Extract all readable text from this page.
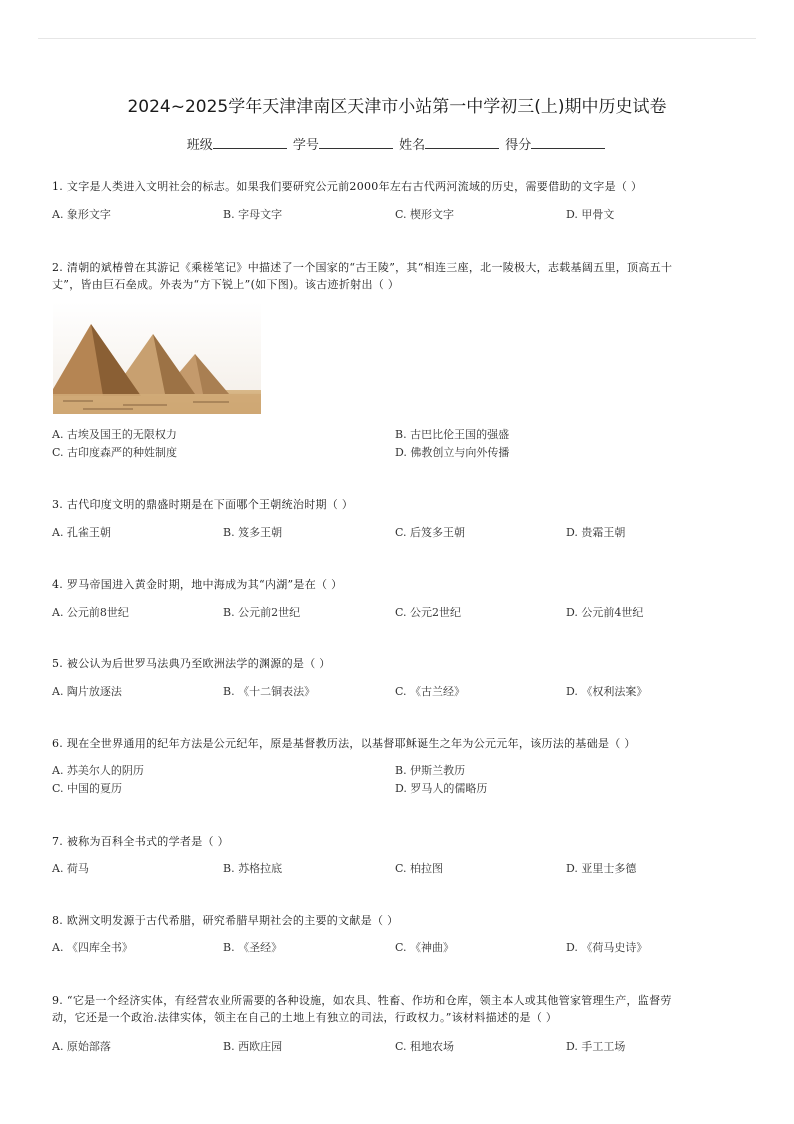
2024~2025学年天津津南区天津市小站第一中学初三(上)期中历史试卷
班级	学号	姓名	得分
1. 文字是人类进入文明社会的标志。如果我们要研究公元前2000年左右古代两河流域的历史，需要借助的文字是（ ）
A. 象形文字	B. 字母文字	C. 楔形文字	D. 甲骨文
2. 清朝的斌椿曾在其游记《乘槎笔记》中描述了一个国家的“古王陵”，其“相连三座，北一陵极大，志载基阔五里，顶高五十
丈”，皆由巨石垒成。外表为“方下锐上”(如下图)。该古迹折射出（ ）
A. 古埃及国王的无限权力	B. 古巴比伦王国的强盛
C. 古印度森严的种姓制度	D. 佛教创立与向外传播
3. 古代印度文明的鼎盛时期是在下面哪个王朝统治时期（ ）
A. 孔雀王朝	B. 笈多王朝	C. 后笈多王朝	D. 贵霜王朝
4. 罗马帝国进入黄金时期，地中海成为其“内湖”是在（ ）
A. 公元前8世纪	B. 公元前2世纪	C. 公元2世纪	D. 公元前4世纪
5. 被公认为后世罗马法典乃至欧洲法学的渊源的是（ ）
A. 陶片放逐法	B. 《十二铜表法》	C. 《古兰经》	D. 《权利法案》
6. 现在全世界通用的纪年方法是公元纪年，原是基督教历法，以基督耶稣诞生之年为公元元年，该历法的基础是（ ）
A. 苏美尔人的阴历	B. 伊斯兰教历
C. 中国的夏历	D. 罗马人的儒略历
7. 被称为百科全书式的学者是（ ）
A. 荷马	B. 苏格拉底	C. 柏拉图	D. 亚里士多德
8. 欧洲文明发源于古代希腊，研究希腊早期社会的主要的文献是（ ）
A. 《四库全书》	B. 《圣经》	C. 《神曲》	D. 《荷马史诗》
9. “它是一个经济实体，有经营农业所需要的各种设施，如农具、牲畜、作坊和仓库，领主本人或其他管家管理生产，监督劳
动，它还是一个政治.法律实体，领主在自己的土地上有独立的司法，行政权力。”该材料描述的是（ ）
A. 原始部落	B. 西欧庄园	C. 租地农场	D. 手工工场
